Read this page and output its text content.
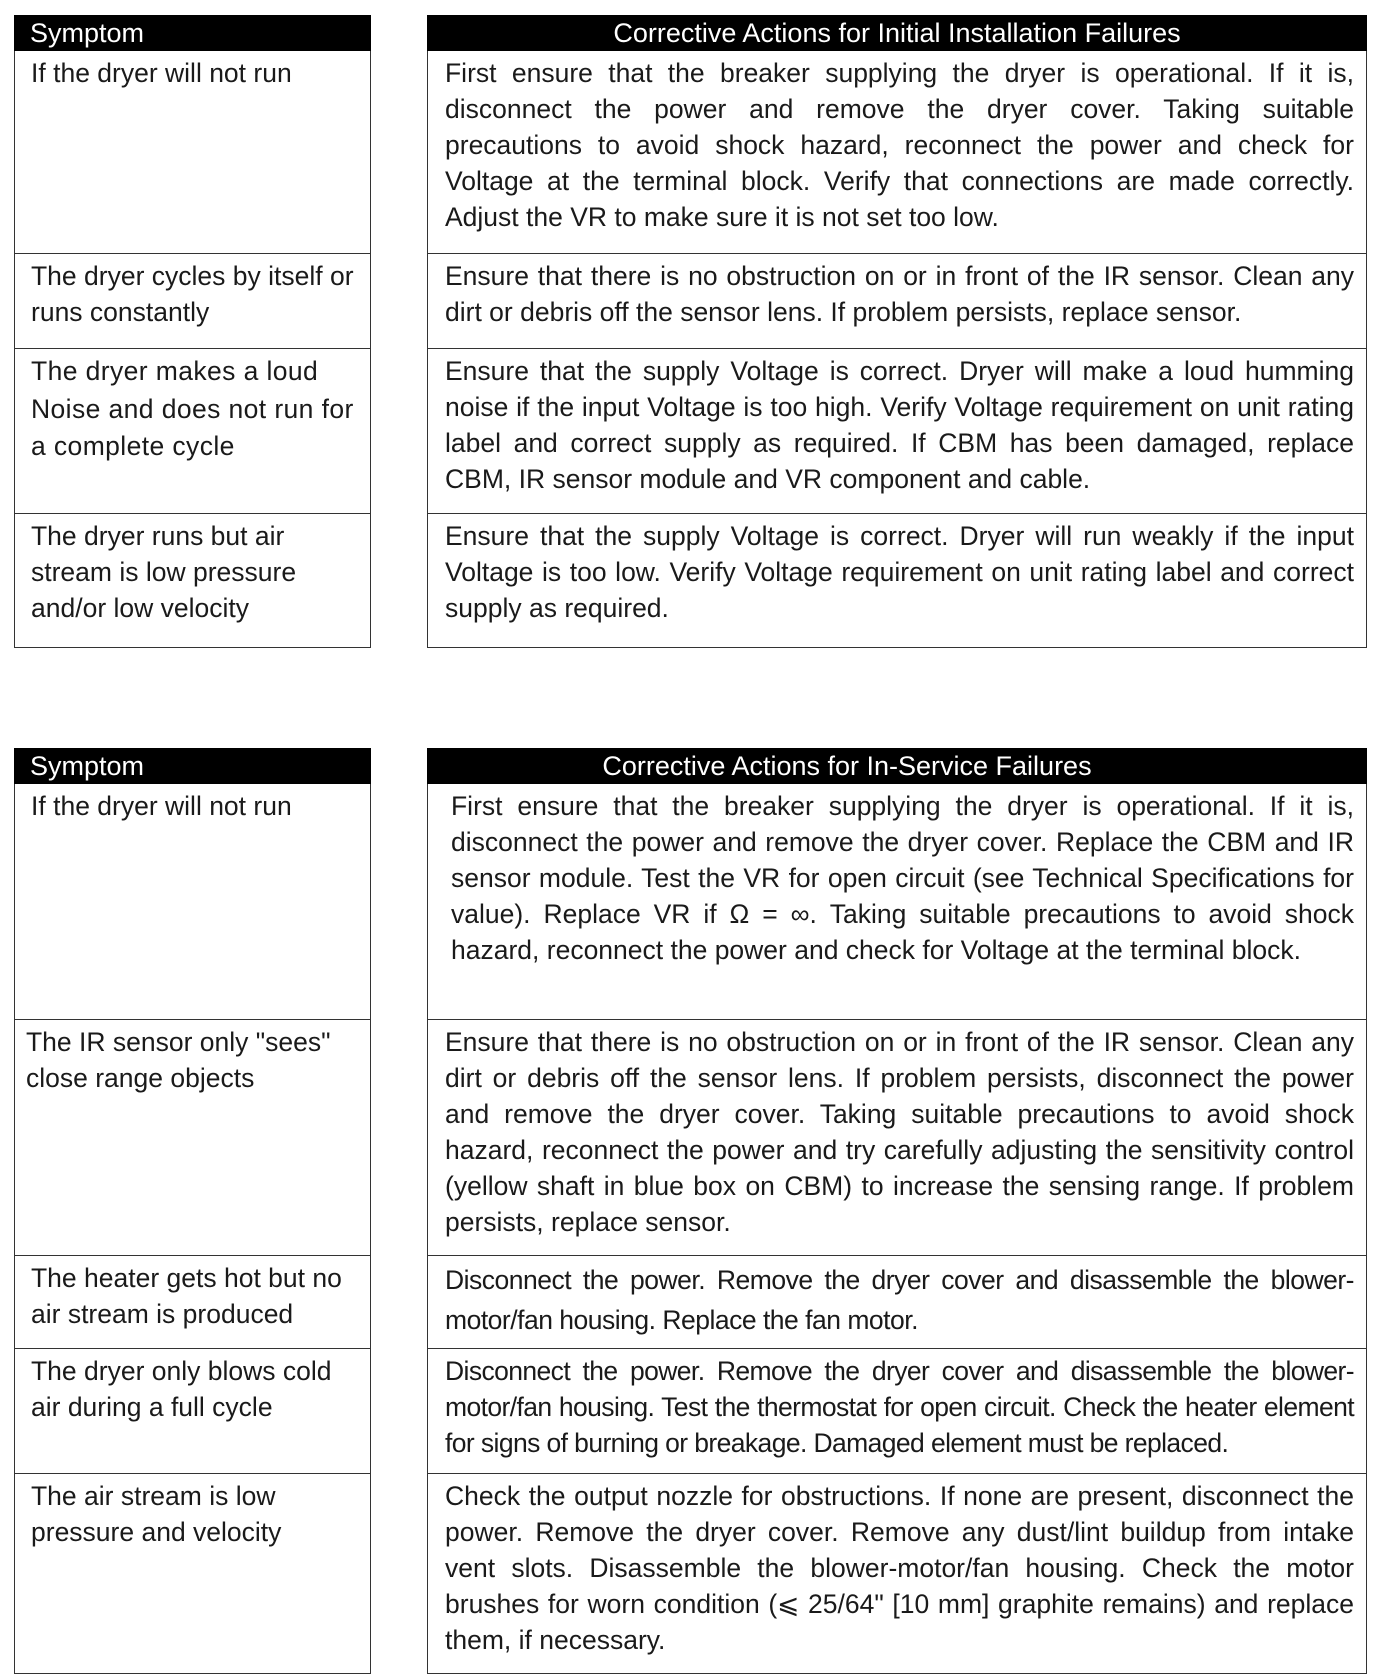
Symptom
If the dryer will not run
The dryer cycles by itself or runs constantly
The dryer makes a loud Noise and does not run for a complete cycle
The dryer runs but air stream is low pressure and/or low velocity
Corrective Actions for Initial Installation Failures
First ensure that the breaker supplying the dryer is operational. If it is, disconnect the power and remove the dryer cover. Taking suitable precautions to avoid shock hazard, reconnect the power and check for Voltage at the terminal block. Verify that connections are made correctly. Adjust the VR to make sure it is not set too low.
Ensure that there is no obstruction on or in front of the IR sensor. Clean any dirt or debris off the sensor lens. If problem persists, replace sensor.
Ensure that the supply Voltage is correct. Dryer will make a loud humming noise if the input Voltage is too high. Verify Voltage requirement on unit rating label and correct supply as required. If CBM has been damaged, replace CBM, IR sensor module and VR component and cable.
Ensure that the supply Voltage is correct. Dryer will run weakly if the input Voltage is too low. Verify Voltage requirement on unit rating label and correct supply as required.
Symptom
If the dryer will not run
The IR sensor only "sees" close range objects
The heater gets hot but no air stream is produced
The dryer only blows cold air during a full cycle
The air stream is low pressure and velocity
Corrective Actions for In-Service Failures
First ensure that the breaker supplying the dryer is operational. If it is, disconnect the power and remove the dryer cover. Replace the CBM and IR sensor module. Test the VR for open circuit (see Technical Specifications for value). Replace VR if Ω = ∞. Taking suitable precautions to avoid shock hazard, reconnect the power and check for Voltage at the terminal block.
Ensure that there is no obstruction on or in front of the IR sensor. Clean any dirt or debris off the sensor lens. If problem persists, disconnect the power and remove the dryer cover. Taking suitable precautions to avoid shock hazard, reconnect the power and try carefully adjusting the sensitivity control (yellow shaft in blue box on CBM) to increase the sensing range. If problem persists, replace sensor.
Disconnect the power. Remove the dryer cover and disassemble the blower-motor/fan housing. Replace the fan motor.
Disconnect the power. Remove the dryer cover and disassemble the blower-motor/fan housing. Test the thermostat for open circuit. Check the heater element for signs of burning or breakage. Damaged element must be replaced.
Check the output nozzle for obstructions. If none are present, disconnect the power. Remove the dryer cover. Remove any dust/lint buildup from intake vent slots. Disassemble the blower-motor/fan housing. Check the motor brushes for worn condition (⩽ 25/64" [10 mm] graphite remains) and replace them, if necessary.
